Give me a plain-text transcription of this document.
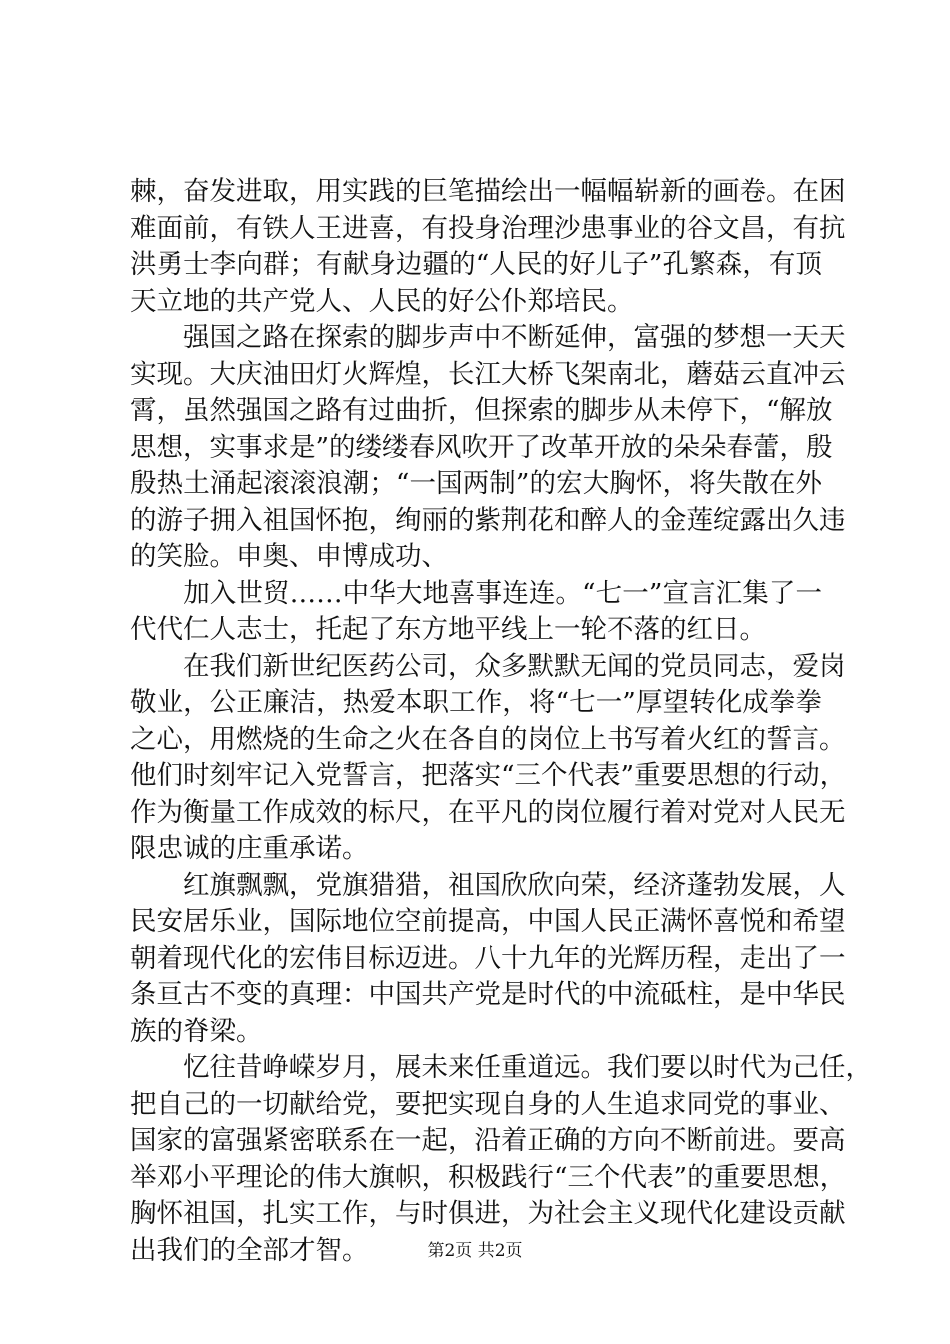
棘，奋发进取，用实践的巨笔描绘出一幅幅崭新的画卷。在困
难面前，有铁人王进喜，有投身治理沙患事业的谷文昌，有抗
洪勇士李向群；有献身边疆的“人民的好儿子”孔繁森，有顶
天立地的共产党人、人民的好公仆郑培民。
　　强国之路在探索的脚步声中不断延伸，富强的梦想一天天
实现。大庆油田灯火辉煌，长江大桥飞架南北，蘑菇云直冲云
霄，虽然强国之路有过曲折，但探索的脚步从未停下，“解放
思想，实事求是”的缕缕春风吹开了改革开放的朵朵春蕾，殷
殷热土涌起滚滚浪潮；“一国两制”的宏大胸怀，将失散在外
的游子拥入祖国怀抱，绚丽的紫荆花和醉人的金莲绽露出久违
的笑脸。申奥、申博成功、
　　加入世贸……中华大地喜事连连。“七一”宣言汇集了一
代代仁人志士，托起了东方地平线上一轮不落的红日。
　　在我们新世纪医药公司，众多默默无闻的党员同志，爱岗
敬业，公正廉洁，热爱本职工作，将“七一”厚望转化成拳拳
之心，用燃烧的生命之火在各自的岗位上书写着火红的誓言。
他们时刻牢记入党誓言，把落实“三个代表”重要思想的行动，
作为衡量工作成效的标尺，在平凡的岗位履行着对党对人民无
限忠诚的庄重承诺。
　　红旗飘飘，党旗猎猎，祖国欣欣向荣，经济蓬勃发展，人
民安居乐业，国际地位空前提高，中国人民正满怀喜悦和希望
朝着现代化的宏伟目标迈进。八十九年的光辉历程，走出了一
条亘古不变的真理：中国共产党是时代的中流砥柱，是中华民
族的脊梁。
　　忆往昔峥嵘岁月，展未来任重道远。我们要以时代为己任，
把自己的一切献给党，要把实现自身的人生追求同党的事业、
国家的富强紧密联系在一起，沿着正确的方向不断前进。要高
举邓小平理论的伟大旗帜，积极践行“三个代表”的重要思想，
胸怀祖国，扎实工作，与时俱进，为社会主义现代化建设贡献
出我们的全部才智。	第2页 共2页
